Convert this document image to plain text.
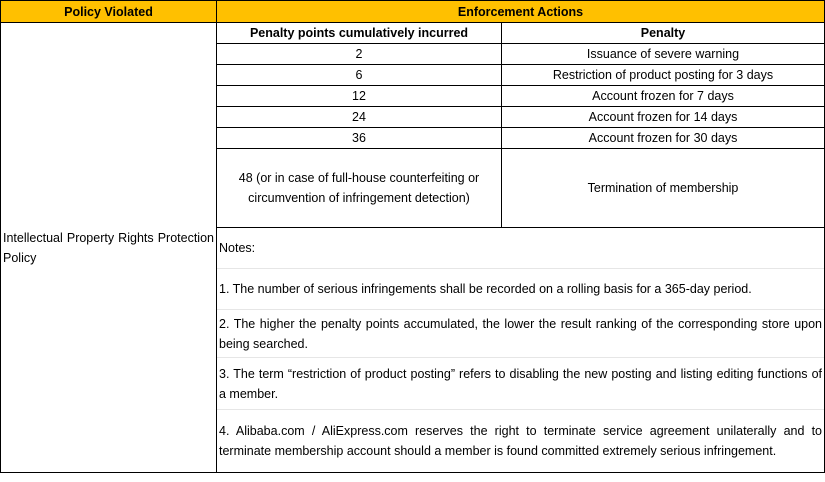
Policy Violated	Enforcement Actions	

Intellectual Property Rights Protection Policy	Penalty points cumulatively incurred	Penalty
	2	Issuance of severe warning
	6	Restriction of product posting for 3 days
	12	Account frozen for 7 days
	24	Account frozen for 14 days
	36	Account frozen for 30 days
	48 (or in case of full-house counterfeiting or circumvention of infringement detection)	Termination of membership

	Notes:
1. The number of serious infringements shall be recorded on a rolling basis for a 365-day period.
2. The higher the penalty points accumulated, the lower the result ranking of the corresponding store upon being searched.
3. The term “restriction of product posting” refers to disabling the new posting and listing editing functions of a member.
4. Alibaba.com / AliExpress.com reserves the right to terminate service agreement unilaterally and to terminate membership account should a member is found committed extremely serious infringement.	
